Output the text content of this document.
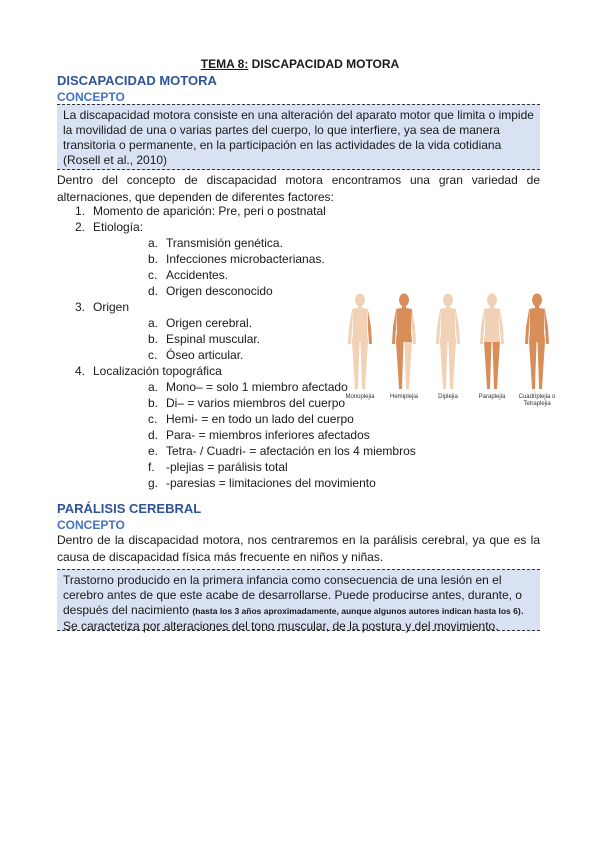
TEMA 8: DISCAPACIDAD MOTORA
DISCAPACIDAD MOTORA
CONCEPTO
La discapacidad motora consiste en una alteración del aparato motor que limita o impide la movilidad de una o varias partes del cuerpo, lo que interfiere, ya sea de manera transitoria o permanente, en la participación en las actividades de la vida cotidiana (Rosell et al., 2010)
Dentro del concepto de discapacidad motora encontramos una gran variedad de alternaciones, que dependen de diferentes factores:
1. Momento de aparición: Pre, peri o postnatal
2. Etiología:
a. Transmisión genética.
b. Infecciones microbacterianas.
c. Accidentes.
d. Origen desconocido
3. Origen
a. Origen cerebral.
b. Espinal muscular.
c. Óseo articular.
4. Localización topográfica
a. Mono– = solo 1 miembro afectado
b. Di– = varios miembros del cuerpo
c. Hemi- = en todo un lado del cuerpo
d. Para- = miembros inferiores afectados
e. Tetra- / Cuadri- = afectación en los 4 miembros
f. -plejias = parálisis total
g. -paresias = limitaciones del movimiento
Monoplejia	Hemiplejia	Diplejia	Paraplejia	Cuadriplejia o Tetraplejia
PARÁLISIS CEREBRAL
CONCEPTO
Dentro de la discapacidad motora, nos centraremos en la parálisis cerebral, ya que es la causa de discapacidad física más frecuente en niños y niñas.
Trastorno producido en la primera infancia como consecuencia de una lesión en el cerebro antes de que este acabe de desarrollarse. Puede producirse antes, durante, o después del nacimiento (hasta los 3 años aproximadamente, aunque algunos autores indican hasta los 6). Se caracteriza por alteraciones del tono muscular, de la postura y del movimiento.
